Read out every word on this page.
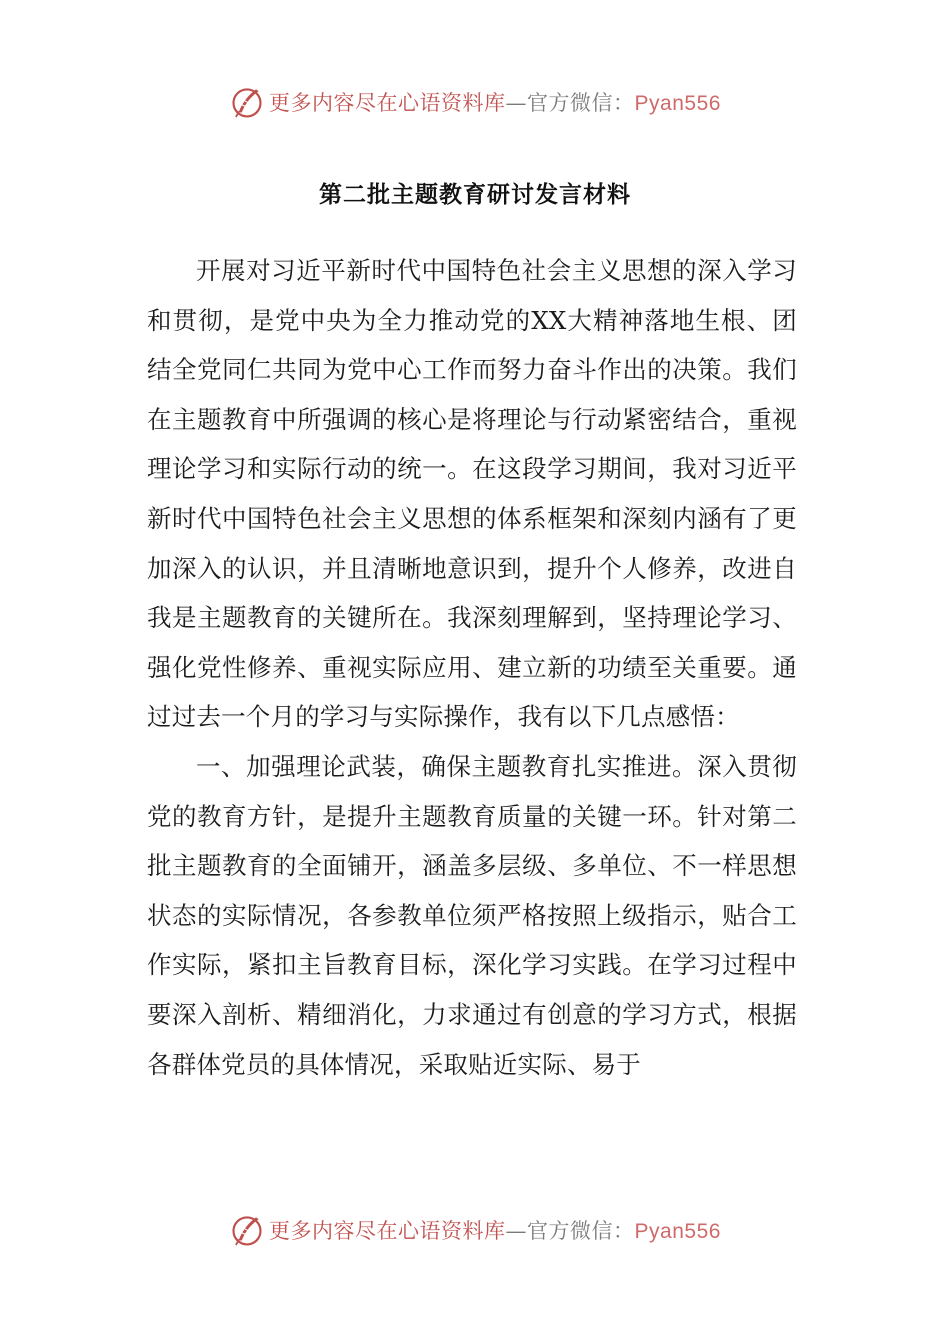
更多内容尽在心语资料库—官方微信：Pyan556
第二批主题教育研讨发言材料

开展对习近平新时代中国特色社会主义思想的深入学习和贯彻，是党中央为全力推动党的XX大精神落地生根、团结全党同仁共同为党中心工作而努力奋斗作出的决策。我们在主题教育中所强调的核心是将理论与行动紧密结合，重视理论学习和实际行动的统一。在这段学习期间，我对习近平新时代中国特色社会主义思想的体系框架和深刻内涵有了更加深入的认识，并且清晰地意识到，提升个人修养，改进自我是主题教育的关键所在。我深刻理解到，坚持理论学习、强化党性修养、重视实际应用、建立新的功绩至关重要。通过过去一个月的学习与实际操作，我有以下几点感悟：

一、加强理论武装，确保主题教育扎实推进。深入贯彻党的教育方针，是提升主题教育质量的关键一环。针对第二批主题教育的全面铺开，涵盖多层级、多单位、不一样思想状态的实际情况，各参教单位须严格按照上级指示，贴合工作实际，紧扣主旨教育目标，深化学习实践。在学习过程中要深入剖析、精细消化，力求通过有创意的学习方式，根据各群体党员的具体情况，采取贴近实际、易于

更多内容尽在心语资料库—官方微信：Pyan556
